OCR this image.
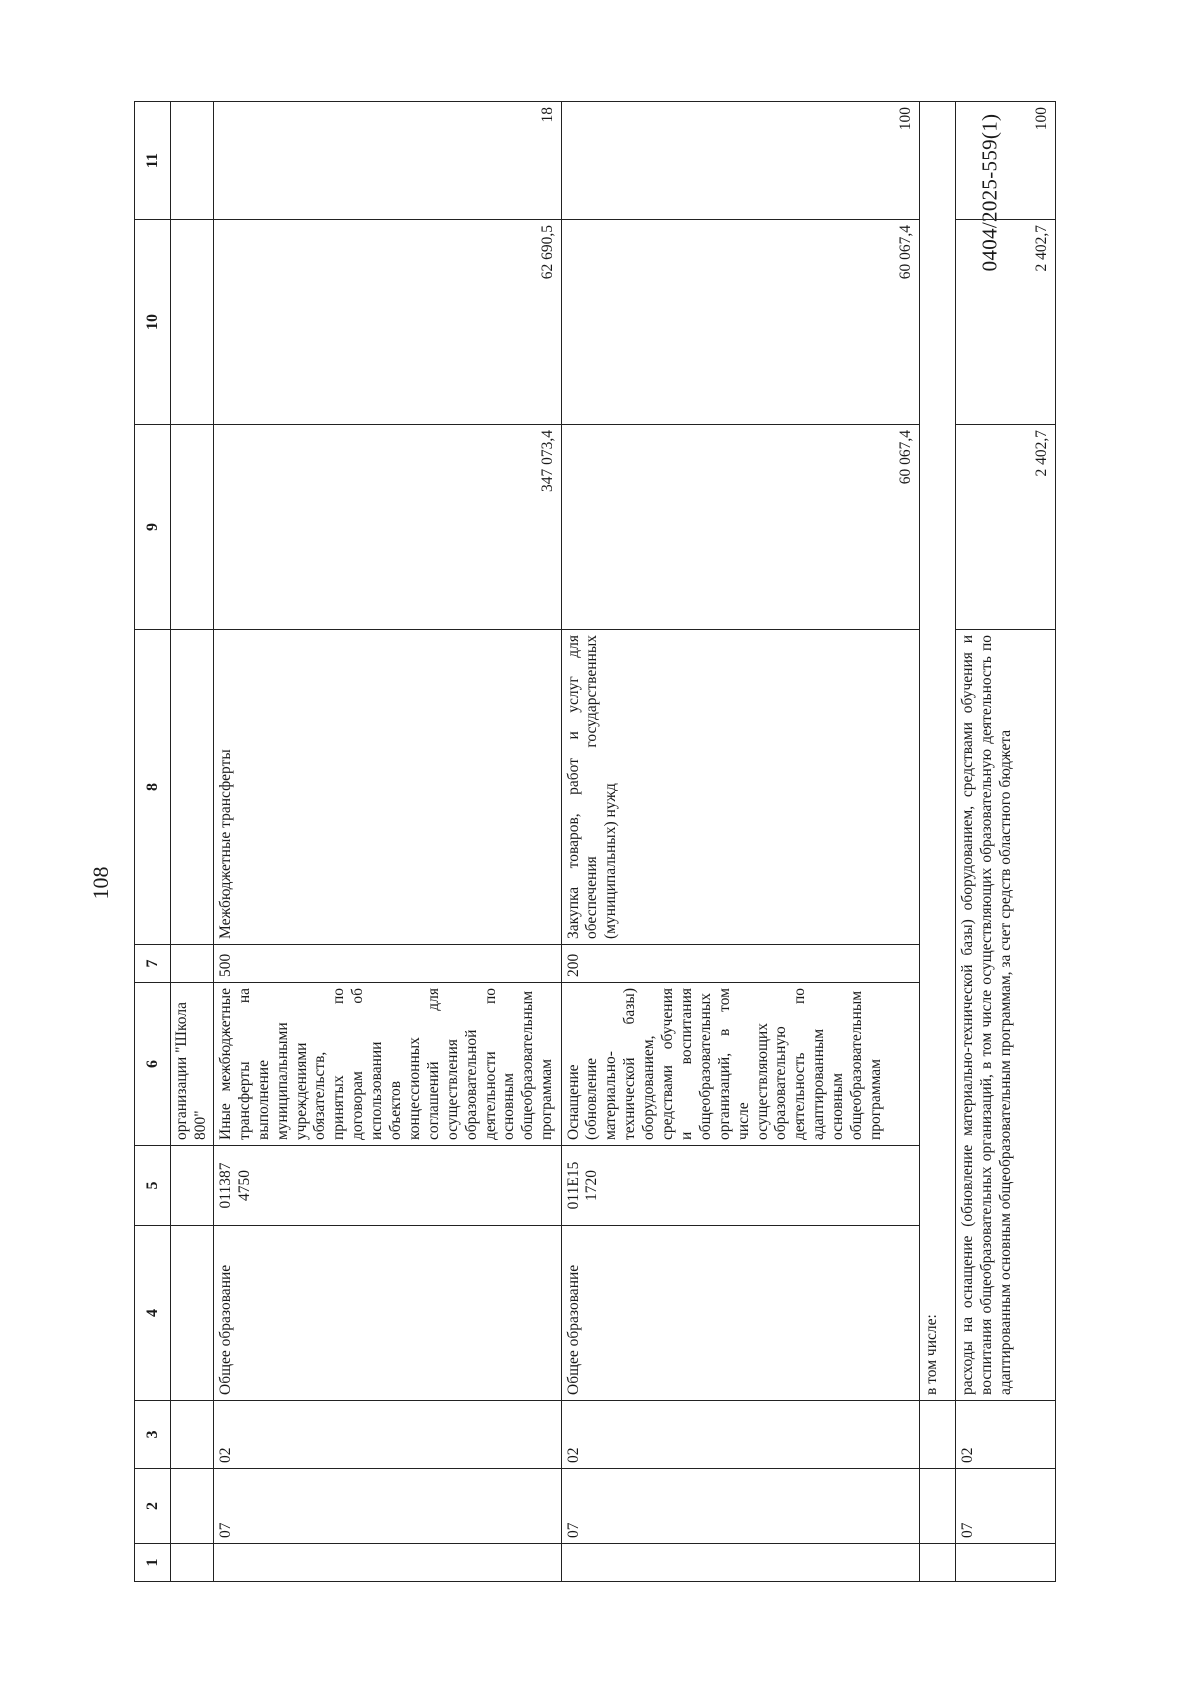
108
0404/2025-559(1)
1	2	3	4	5	6	7	8	9	10	11
					организации "Школа 800"					
	07	02	Общее образование	011387 4750	Иные межбюджетные трансферты на выполнение муниципальными учреждениями обязательств, принятых по договорам об использовании объектов концессионных соглашений для осуществления образовательной деятельности по основным общеобразовательным программам	500	Межбюджетные трансферты	347 073,4	62 690,5	18
	07	02	Общее образование	011Е15 1720	Оснащение (обновление материально-технической базы) оборудованием, средствами обучения и воспитания общеобразовательных организаций, в том числе осуществляющих образовательную деятельность по адаптированным основным общеобразовательным программам	200	Закупка товаров, работ и услуг для обеспечения государственных (муниципальных) нужд	60 067,4	60 067,4	100
			в том числе:							
	07	02	расходы на оснащение (обновление материально-технической базы) оборудованием, средствами обучения и воспитания общеобразовательных организаций, в том числе осуществляющих образовательную деятельность по адаптированным основным общеобразовательным программам, за счет средств областного бюджета					2 402,7	2 402,7	100
